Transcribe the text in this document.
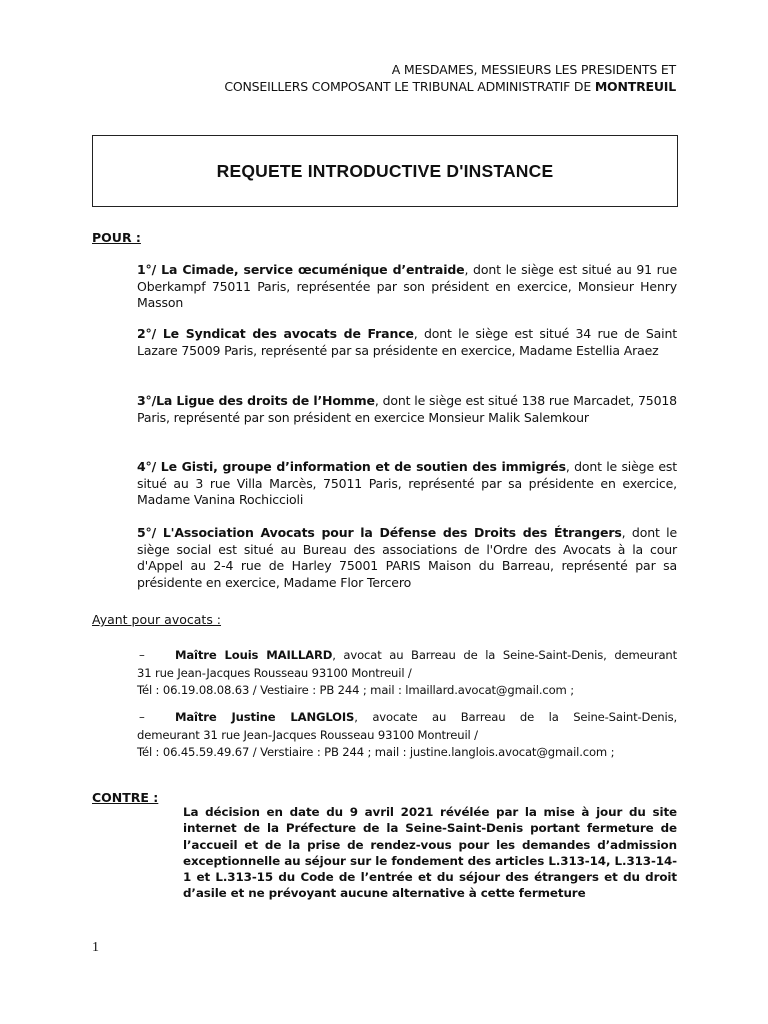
A MESDAMES, MESSIEURS LES PRESIDENTS ET
CONSEILLERS COMPOSANT LE TRIBUNAL ADMINISTRATIF DE MONTREUIL
REQUETE INTRODUCTIVE D'INSTANCE
POUR :
1°/ La Cimade, service œcuménique d’entraide, dont le siège est situé au 91 rue Oberkampf 75011 Paris, représentée par son président en exercice, Monsieur Henry Masson
2°/ Le Syndicat des avocats de France, dont le siège est situé 34 rue de Saint Lazare 75009 Paris, représenté par sa présidente en exercice, Madame Estellia Araez
3°/La Ligue des droits de l’Homme, dont le siège est situé 138 rue Marcadet, 75018 Paris, représenté par son président en exercice Monsieur Malik Salemkour
4°/ Le Gisti, groupe d’information et de soutien des immigrés, dont le siège est situé au 3 rue Villa Marcès, 75011 Paris, représenté par sa présidente en exercice, Madame Vanina Rochiccioli
5°/ L'Association Avocats pour la Défense des Droits des Étrangers, dont le siège social est situé au Bureau des associations de l'Ordre des Avocats à la cour d'Appel au 2-4 rue de Harley 75001 PARIS Maison du Barreau, représenté par sa présidente en exercice, Madame Flor Tercero
Ayant pour avocats :
–	Maître Louis MAILLARD, avocat au Barreau de la Seine-Saint-Denis, demeurant
31 rue Jean-Jacques Rousseau 93100 Montreuil /
Tél : 06.19.08.08.63 / Vestiaire : PB 244 ; mail : lmaillard.avocat@gmail.com ;
–	Maître Justine LANGLOIS, avocate au Barreau de la Seine-Saint-Denis,
demeurant 31 rue Jean-Jacques Rousseau 93100 Montreuil /
Tél : 06.45.59.49.67 / Verstiaire : PB 244 ; mail : justine.langlois.avocat@gmail.com ;
CONTRE :
La décision en date du 9 avril 2021 révélée par la mise à jour du site internet de la Préfecture de la Seine-Saint-Denis portant fermeture de l’accueil et de la prise de rendez-vous pour les demandes d’admission exceptionnelle au séjour sur le fondement des articles L.313-14, L.313-14-1 et L.313-15 du Code de l’entrée et du séjour des étrangers et du droit d’asile et ne prévoyant aucune alternative à cette fermeture
1
